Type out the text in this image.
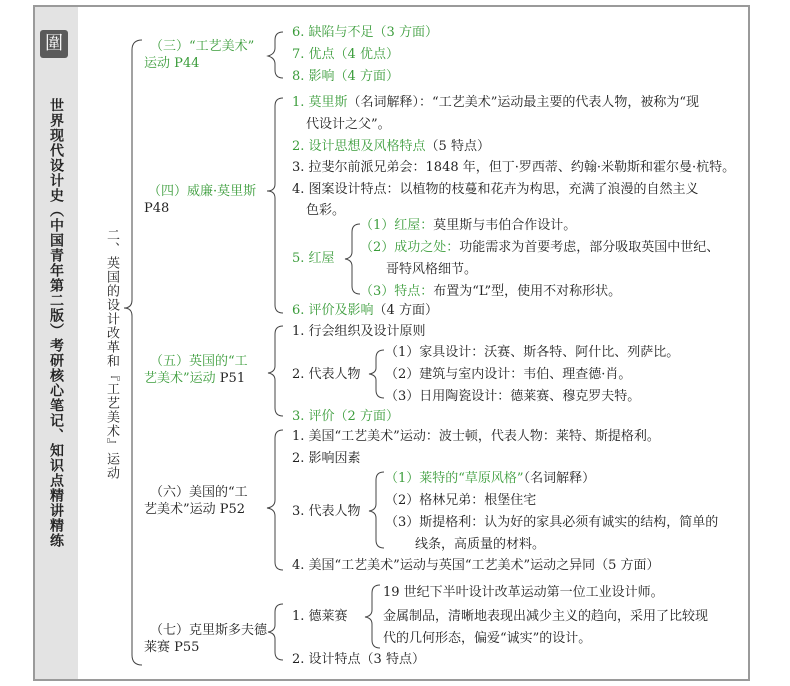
圍
世界现代设计史（中国青年第二版）考研核心笔记、知识点精讲精练	二、英国的设计改革和『工艺美术』运动
（三）“工艺美术”
运动 P44
6. 缺陷与不足（3 方面）
7. 优点（4 优点）
8. 影响（4 方面）
（四）威廉·莫里斯
P48
1. 莫里斯（名词解释）：“工艺美术”运动最主要的代表人物，被称为“现
代设计之父”。
2. 设计思想及风格特点（5 特点）
3. 拉斐尔前派兄弟会：1848 年，但丁·罗西蒂、约翰·米勒斯和霍尔曼·杭特。
4. 图案设计特点：以植物的枝蔓和花卉为构思，充满了浪漫的自然主义
色彩。
5. 红屋
（1）红屋：莫里斯与韦伯合作设计。
（2）成功之处：功能需求为首要考虑，部分吸取英国中世纪、
哥特风格细节。
（3）特点：布置为“L”型，使用不对称形状。
6. 评价及影响（4 方面）
（五）英国的“工
艺美术”运动 P51
1. 行会组织及设计原则
2. 代表人物
（1）家具设计：沃赛、斯各特、阿什比、列萨比。
（2）建筑与室内设计：韦伯、理查德·肖。
（3）日用陶瓷设计：德莱赛、穆克罗夫特。
3. 评价（2 方面）
（六）美国的“工
艺美术”运动 P52
1. 美国“工艺美术”运动：波士顿，代表人物：莱特、斯提格利。
2. 影响因素
3. 代表人物
（1）莱特的“草原风格”（名词解释）
（2）格林兄弟：根堡住宅
（3）斯提格利：认为好的家具必须有诚实的结构，简单的
线条，高质量的材料。
4. 美国“工艺美术”运动与英国“工艺美术”运动之异同（5 方面）
（七）克里斯多夫德
莱赛 P55
1. 德莱赛
19 世纪下半叶设计改革运动第一位工业设计师。
金属制品，清晰地表现出减少主义的趋向，采用了比较现
代的几何形态，偏爱“诚实”的设计。
2. 设计特点（3 特点）
